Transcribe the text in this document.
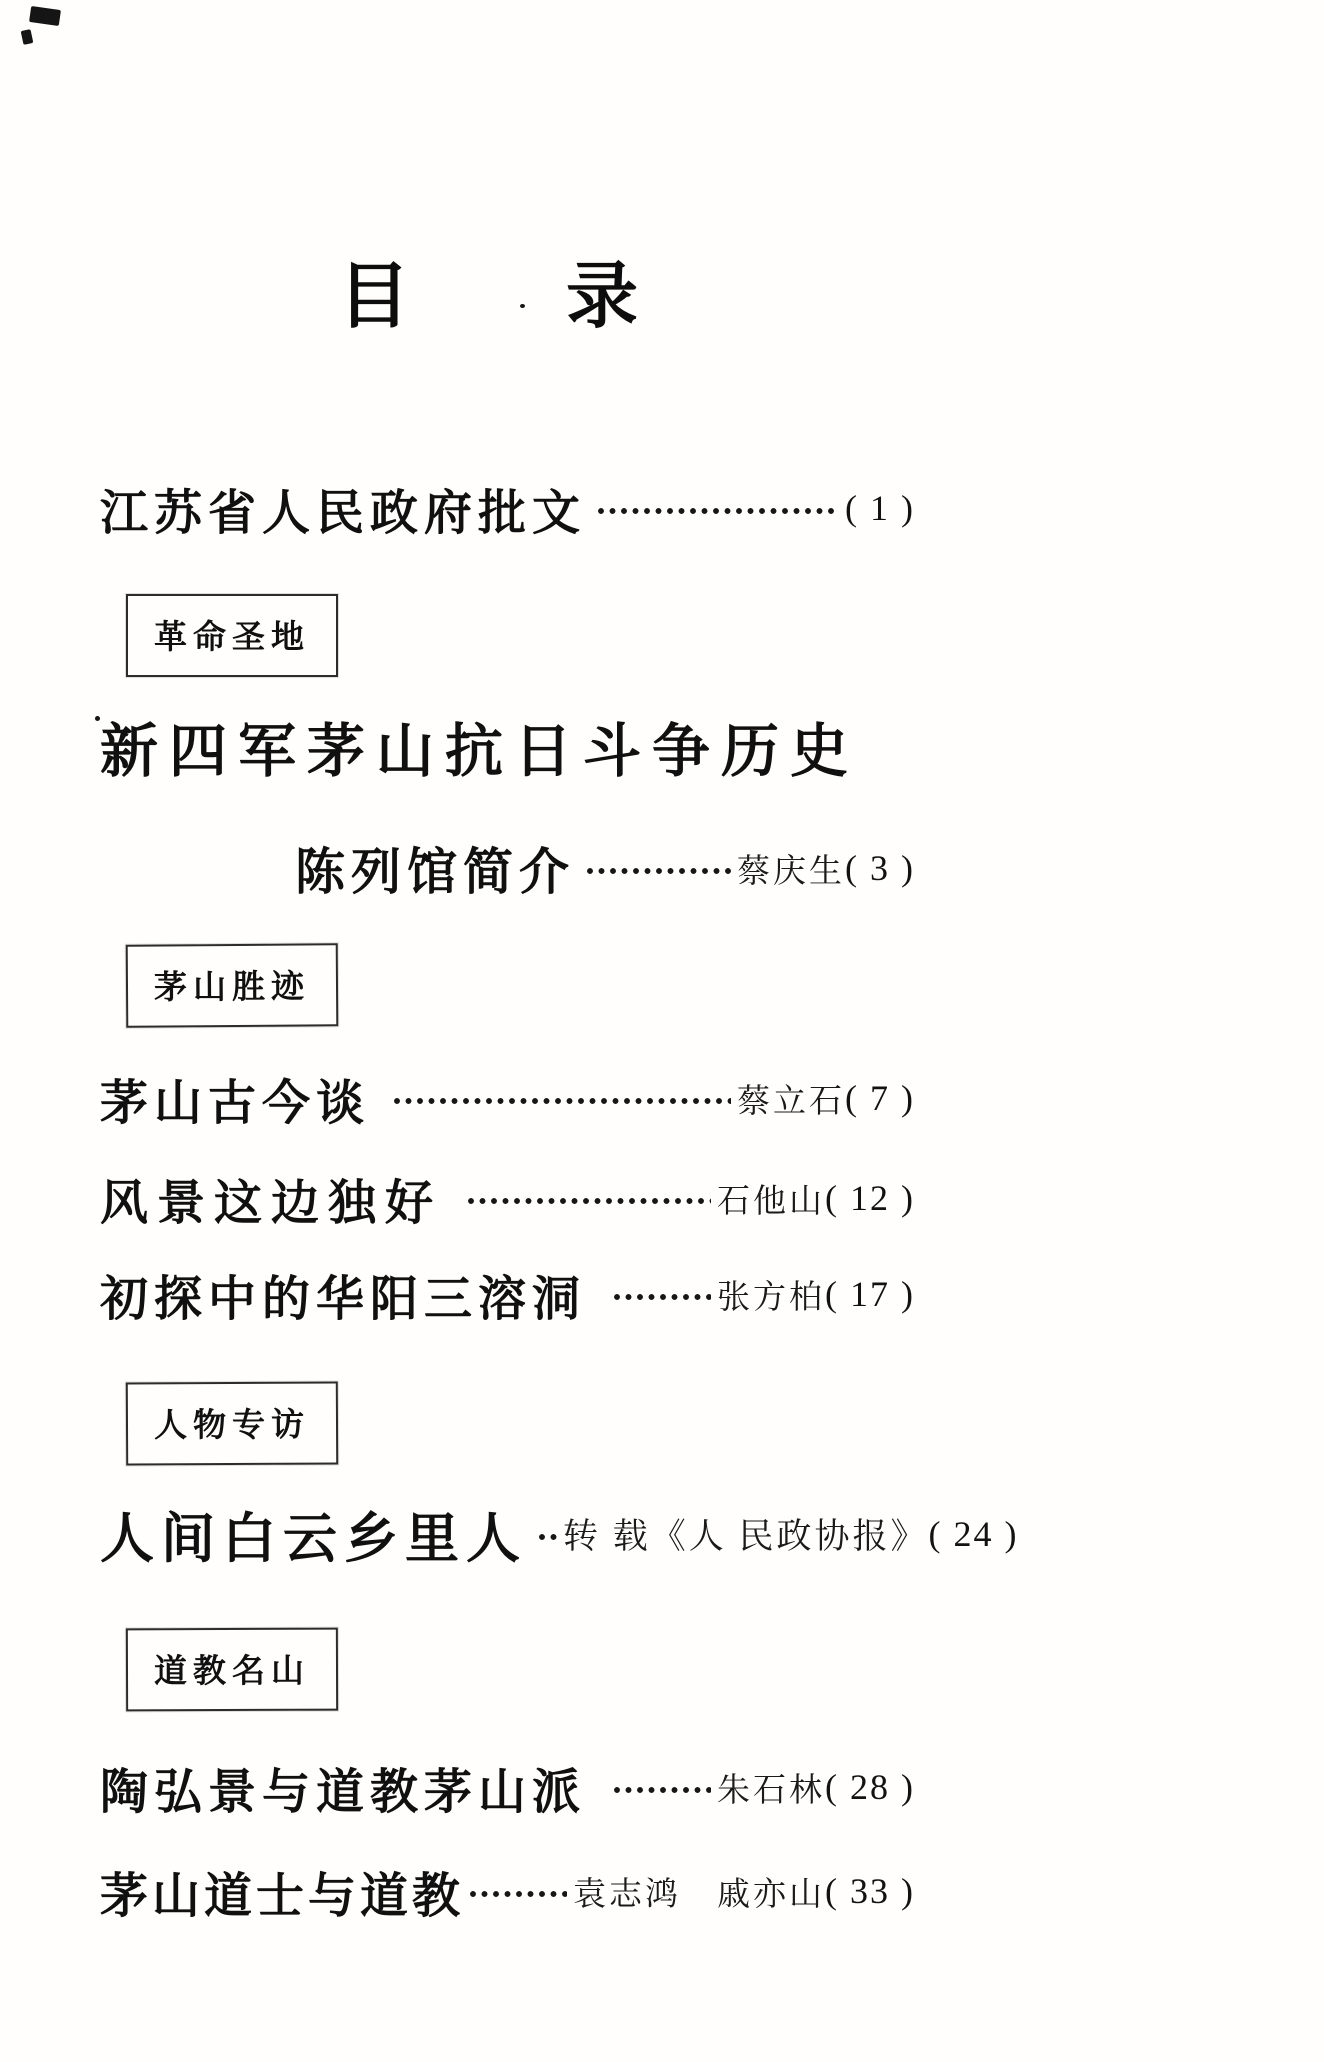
目　　录
江苏省人民政府批文	( 1 )
革命圣地
新四军茅山抗日斗争历史
陈列馆简介	蔡庆生 ( 3 )
茅山胜迹
茅山古今谈	蔡立石 ( 7 )
风景这边独好	石他山 ( 12 )
初探中的华阳三溶洞	张方柏 ( 17 )
人物专访
人间白云乡里人 转 载《人 民政协报》 ( 24 )
道教名山
陶弘景与道教茅山派	朱石林 ( 28 )
茅山道士与道教	袁志鸿　戚亦山 ( 33 )
